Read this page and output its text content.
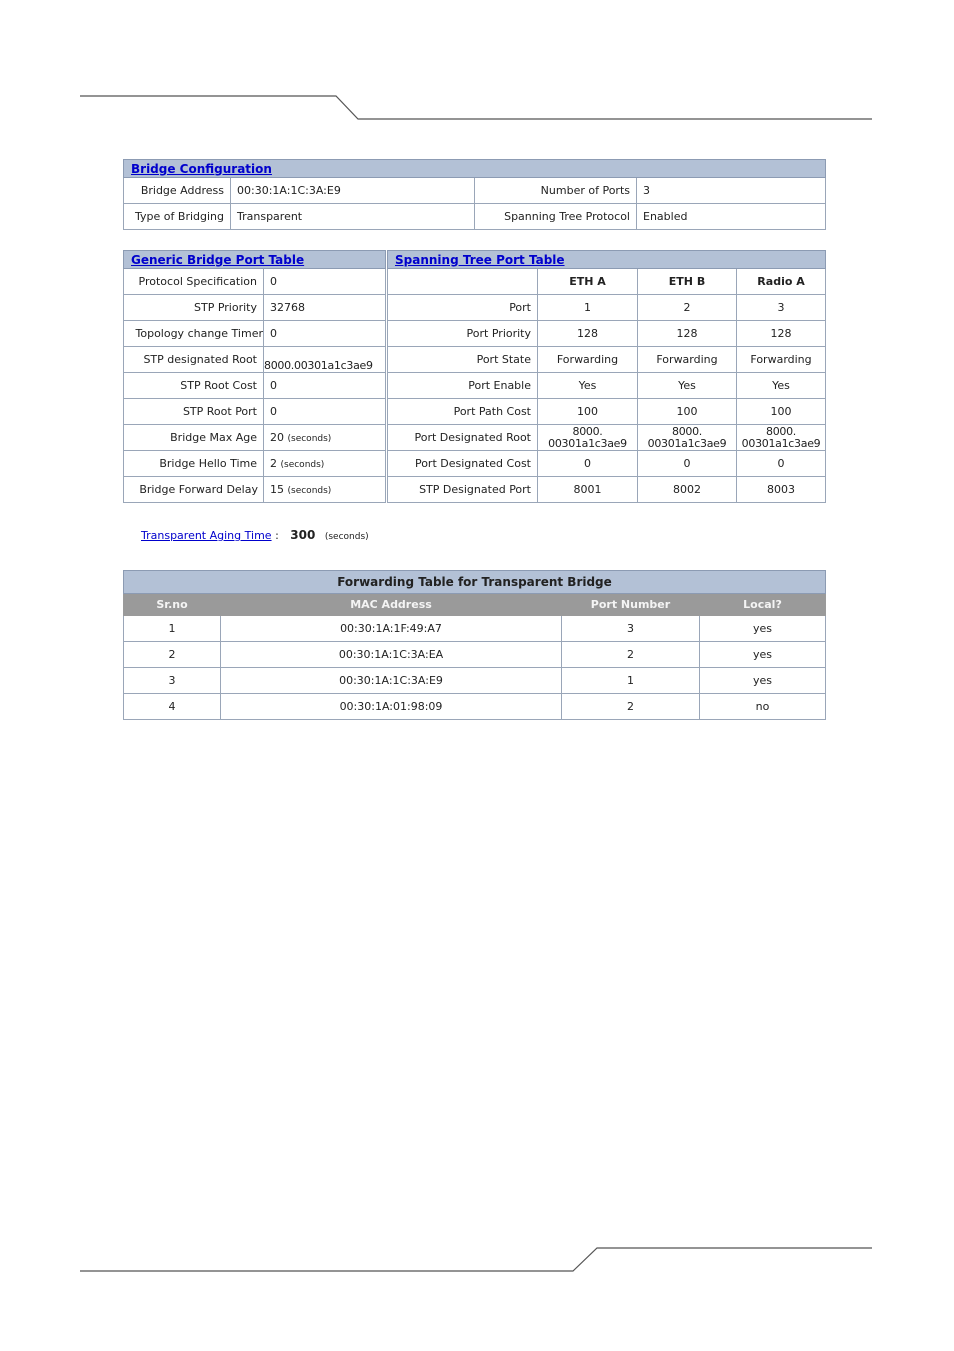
Bridge Configuration			
Bridge Address	00:30:1A:1C:3A:E9	Number of Ports	3
Type of Bridging	Transparent	Spanning Tree Protocol	Enabled
Generic Bridge Port Table	
Protocol Specification	0
STP Priority	32768
Topology change Timer	0
STP designated Root	8000.00301a1c3ae9
STP Root Cost	0
STP Root Port	0
Bridge Max Age	20 (seconds)
Bridge Hello Time	2 (seconds)
Bridge Forward Delay	15 (seconds)
Spanning Tree Port Table			
	ETH A	ETH B	Radio A
Port	1	2	3
Port Priority	128	128	128
Port State	Forwarding	Forwarding	Forwarding
Port Enable	Yes	Yes	Yes
Port Path Cost	100	100	100
Port Designated Root	8000. 00301a1c3ae9	8000. 00301a1c3ae9	8000. 00301a1c3ae9
Port Designated Cost	0	0	0
STP Designated Port	8001	8002	8003
Transparent Aging Time : 300 (seconds)
Forwarding Table for Transparent Bridge			
Sr.no	MAC Address	Port Number	Local?
1	00:30:1A:1F:49:A7	3	yes
2	00:30:1A:1C:3A:EA	2	yes
3	00:30:1A:1C:3A:E9	1	yes
4	00:30:1A:01:98:09	2	no
